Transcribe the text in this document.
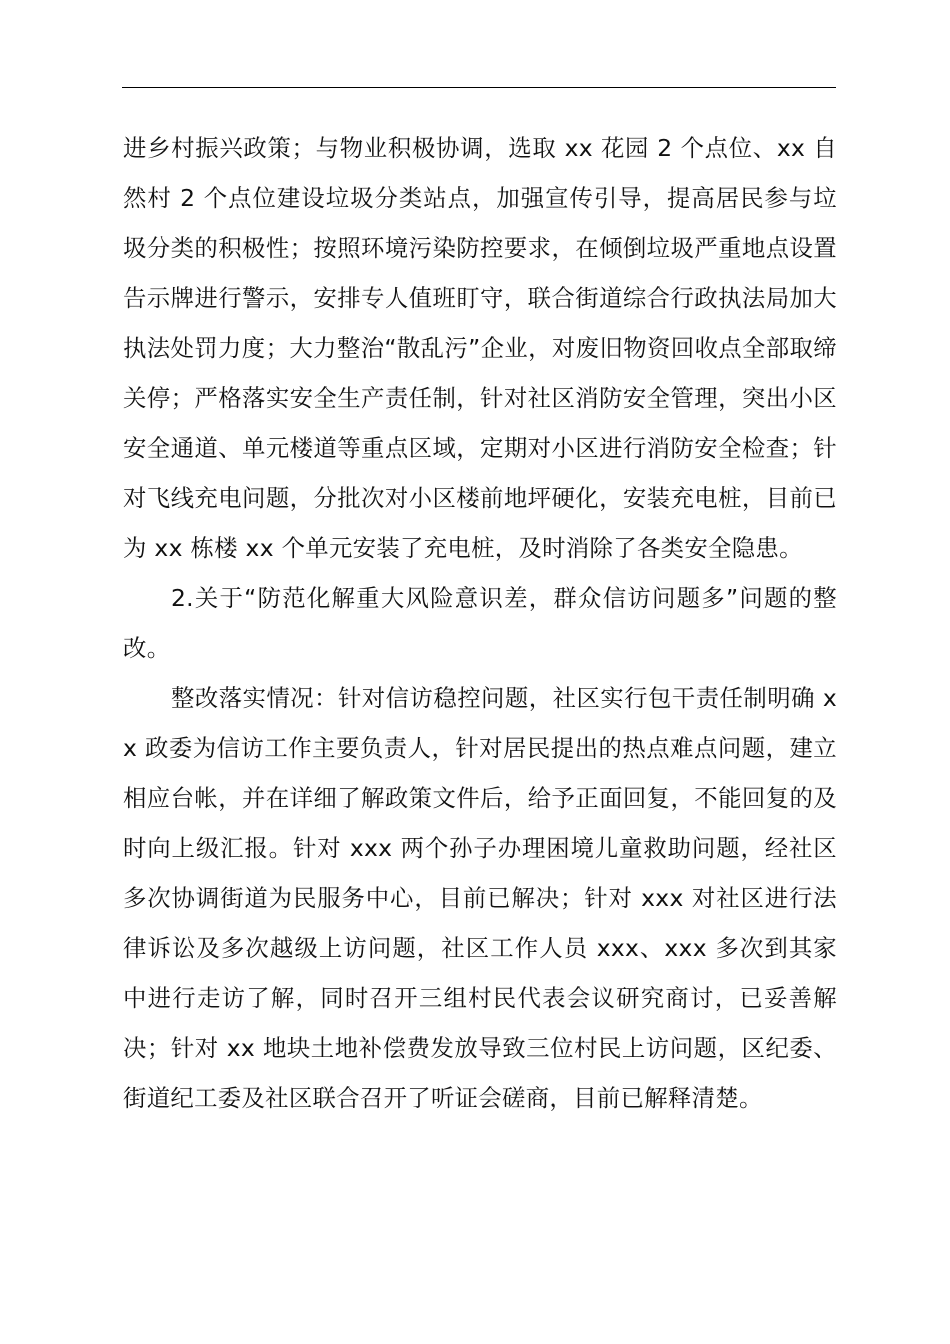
进乡村振兴政策；与物业积极协调，选取 xx 花园 2 个点位、xx 自然村 2 个点位建设垃圾分类站点，加强宣传引导，提高居民参与垃圾分类的积极性；按照环境污染防控要求，在倾倒垃圾严重地点设置告示牌进行警示，安排专人值班盯守，联合街道综合行政执法局加大执法处罚力度；大力整治“散乱污”企业，对废旧物资回收点全部取缔关停；严格落实安全生产责任制，针对社区消防安全管理，突出小区安全通道、单元楼道等重点区域，定期对小区进行消防安全检查；针对飞线充电问题，分批次对小区楼前地坪硬化，安装充电桩，目前已为 xx 栋楼 xx 个单元安装了充电桩，及时消除了各类安全隐患。

2.关于“防范化解重大风险意识差，群众信访问题多”问题的整改。

整改落实情况：针对信访稳控问题，社区实行包干责任制明确 xx 政委为信访工作主要负责人，针对居民提出的热点难点问题，建立相应台帐，并在详细了解政策文件后，给予正面回复，不能回复的及时向上级汇报。针对 xxx 两个孙子办理困境儿童救助问题，经社区多次协调街道为民服务中心，目前已解决；针对 xxx 对社区进行法律诉讼及多次越级上访问题，社区工作人员 xxx、xxx 多次到其家中进行走访了解，同时召开三组村民代表会议研究商讨，已妥善解决；针对 xx 地块土地补偿费发放导致三位村民上访问题，区纪委、街道纪工委及社区联合召开了听证会磋商，目前已解释清楚。
